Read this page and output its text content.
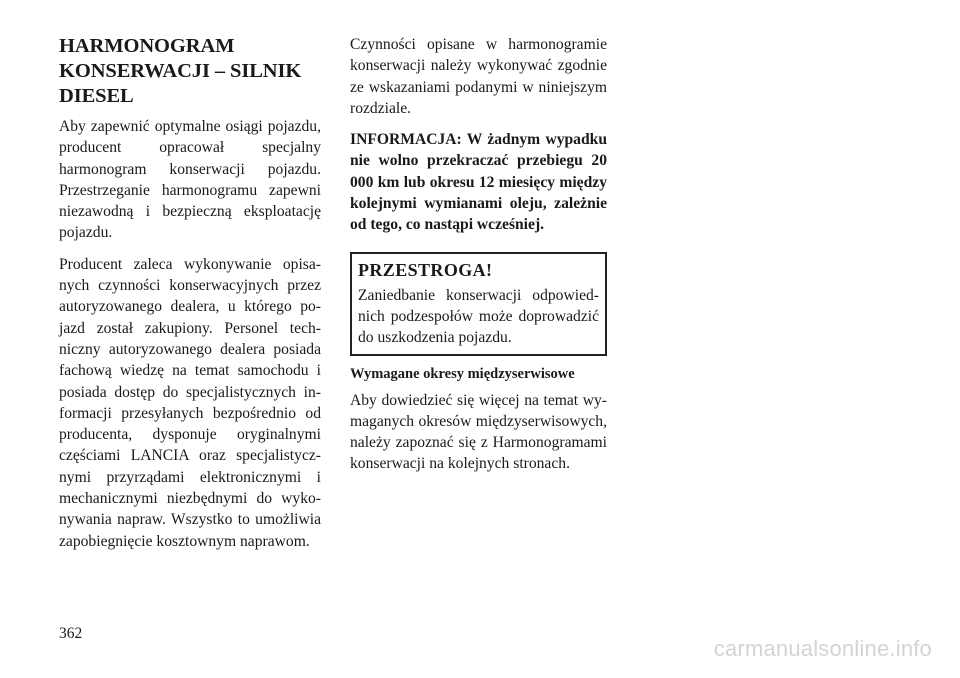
HARMONOGRAM KONSERWACJI – SILNIK DIESEL

Aby zapewnić optymalne osiągi pojazdu, producent opracował specjalny harmonogram konserwacji pojazdu. Przestrzeganie harmonogramu zapewni niezawodną i bezpieczną eksploatację pojazdu.

Producent zaleca wykonywanie opisanych czynności konserwacyjnych przez autoryzowanego dealera, u którego pojazd został zakupiony. Personel techniczny autoryzowanego dealera posiada fachową wiedzę na temat samochodu i posiada dostęp do specjalistycznych informacji przesyłanych bezpośrednio od producenta, dysponuje oryginalnymi częściami LANCIA oraz specjalistycznymi przyrządami elektronicznymi i mechanicznymi niezbędnymi do wykonywania napraw. Wszystko to umożliwia zapobiegnięcie kosztownym naprawom.

Czynności opisane w harmonogramie konserwacji należy wykonywać zgodnie ze wskazaniami podanymi w niniejszym rozdziale.

INFORMACJA: W żadnym wypadku nie wolno przekraczać przebiegu 20 000 km lub okresu 12 miesięcy między kolejnymi wymianami oleju, zależnie od tego, co nastąpi wcześniej.

PRZESTROGA!

Zaniedbanie konserwacji odpowiednich podzespołów może doprowadzić do uszkodzenia pojazdu.

Wymagane okresy międzyserwisowe

Aby dowiedzieć się więcej na temat wymaganych okresów międzyserwisowych, należy zapoznać się z Harmonogramami konserwacji na kolejnych stronach.

362
carmanualsonline.info
